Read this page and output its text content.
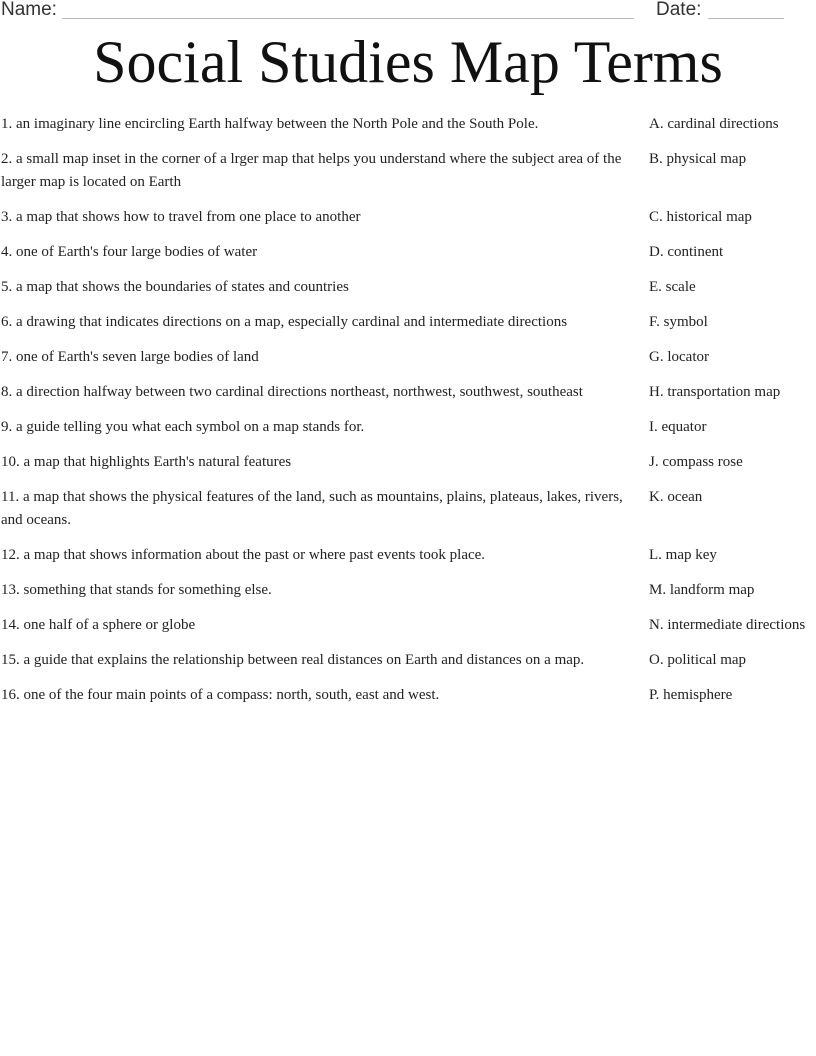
Name:	Date:
Social Studies Map Terms
1. an imaginary line encircling Earth halfway between the North Pole and the South Pole.	A. cardinal directions
2. a small map inset in the corner of a lrger map that helps you understand where the subject area of the larger map is located on Earth
B. physical map
3. a map that shows how to travel from one place to another	C. historical map
4. one of Earth's four large bodies of water	D. continent
5. a map that shows the boundaries of states and countries	E. scale
6. a drawing that indicates directions on a map, especially cardinal and intermediate directions	F. symbol
7. one of Earth's seven large bodies of land	G. locator
8. a direction halfway between two cardinal directions northeast, northwest, southwest, southeast	H. transportation map
9. a guide telling you what each symbol on a map stands for.	I. equator
10. a map that highlights Earth's natural features	J. compass rose
11. a map that shows the physical features of the land, such as mountains, plains, plateaus, lakes, rivers, and oceans.
K. ocean
12. a map that shows information about the past or where past events took place.	L. map key
13. something that stands for something else.	M. landform map
14. one half of a sphere or globe	N. intermediate directions
15. a guide that explains the relationship between real distances on Earth and distances on a map.	O. political map
16. one of the four main points of a compass: north, south, east and west.	P. hemisphere
